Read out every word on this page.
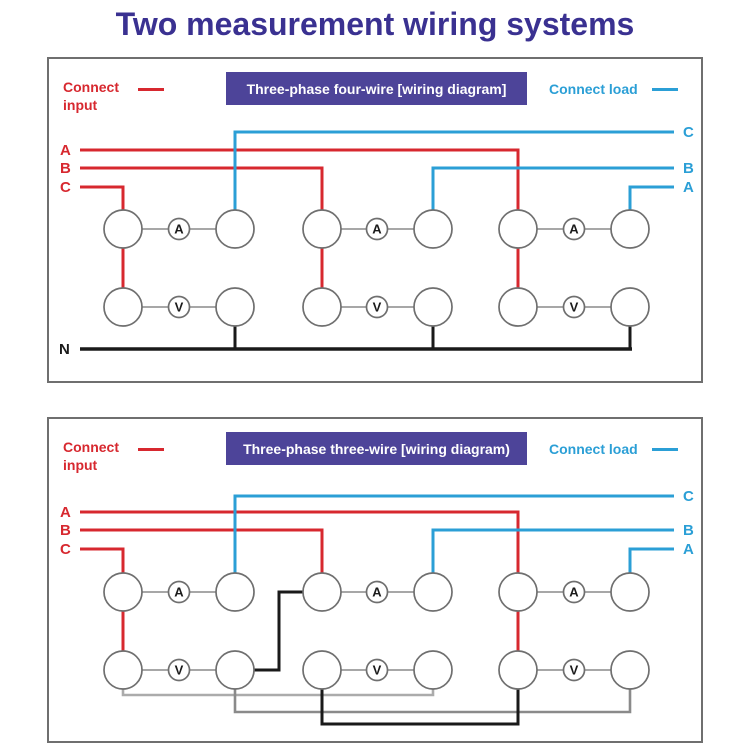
Two measurement wiring systems
Connect
input
Three-phase four-wire [wiring diagram]	Connect load
A	A	A
V	V	V
A
B
C
C
B
A
N
Connect
input
Three-phase three-wire [wiring diagram)	Connect load
A	A	A
V	V	V
A
B
C
C
B
A
